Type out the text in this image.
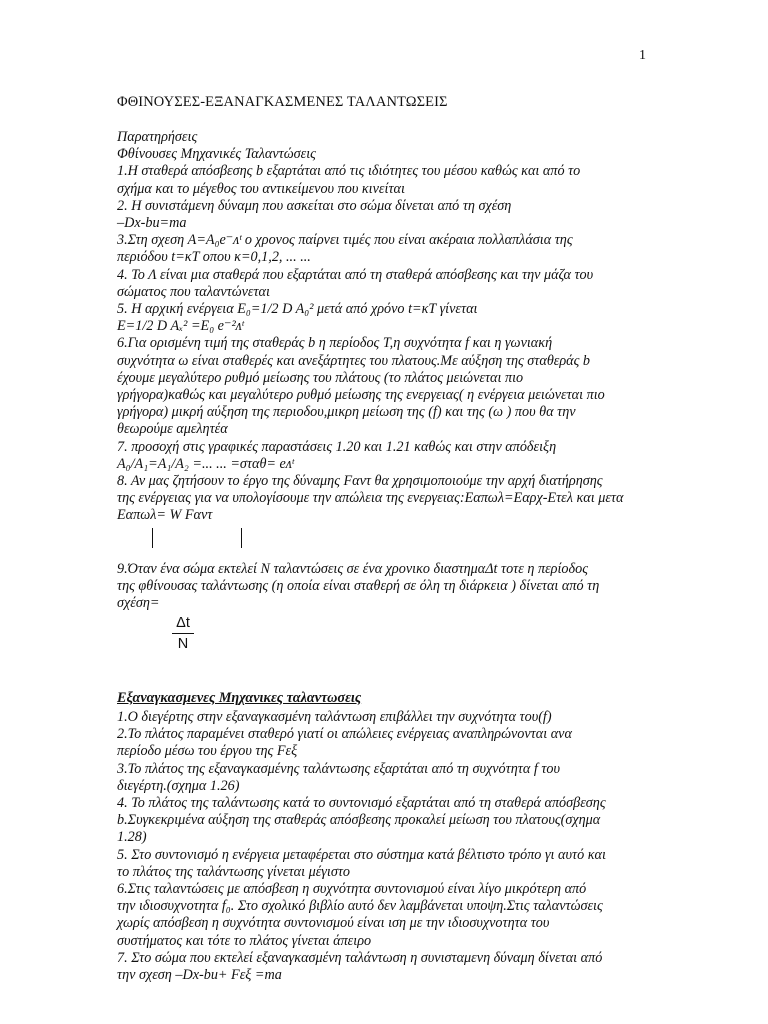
1
ΦΘΙΝΟΥΣΕΣ-ΕΞΑΝΑΓΚΑΣΜΕΝΕΣ ΤΑΛΑΝΤΩΣΕΙΣ

Παρατηρήσεις

Φθίνουσες Μηχανικές Ταλαντώσεις

1.Η σταθερά απόσβεσης b εξαρτάται από τις ιδιότητες του μέσου καθώς και από το

σχήμα και το μέγεθος του αντικείμενου που κινείται

2. Η συνιστάμενη δύναμη που ασκείται στο σώμα δίνεται από τη σχέση

–Dx-bu=ma

3.Στη σχεση A=A₀e⁻ᴧᵗ ο χρονος παίρνει τιμές που είναι ακέραια πολλαπλάσια της

περιόδου t=κT οπου κ=0,1,2, ... ...

4. Το Λ είναι μια σταθερά που εξαρτάται από τη σταθερά απόσβεσης και την μάζα του

σώματος που ταλαντώνεται

5. Η αρχική ενέργεια E₀=1/2 D A₀² μετά από χρόνο t=κT γίνεται

E=1/2 D Aₓ² =E₀ e⁻²ᴧᵗ

6.Για ορισμένη τιμή της σταθεράς b η περίοδος T,η συχνότητα f και η γωνιακή

συχνότητα ω είναι σταθερές και ανεξάρτητες του πλατους.Με αύξηση της σταθεράς b

έχουμε μεγαλύτερο ρυθμό μείωσης του πλάτους (το πλάτος μειώνεται πιο

γρήγορα)καθώς και μεγαλύτερο ρυθμό μείωσης της ενεργειας( η ενέργεια μειώνεται πιο

γρήγορα) μικρή αύξηση της περιοδου,μικρη μείωση της (f) και της (ω ) που θα την

θεωρούμε αμελητέα

7. προσοχή στις γραφικές παραστάσεις 1.20 και 1.21 καθώς και στην απόδειξη

A₀/A₁=A₁/A₂ =... ... =σταθ= eᴧᵗ

8. Αν μας ζητήσουν το έργο της δύναμης Fαντ θα χρησιμοποιούμε την αρχή διατήρησης

της ενέργειας για να υπολογίσουμε την απώλεια της ενεργειας:Eαπωλ=Eαρχ-Eτελ και μετα

Eαπωλ= W Fαντ

9.Όταν ένα σώμα εκτελεί N ταλαντώσεις σε ένα χρονικο διαστημαΔt τοτε η περίοδος

της φθίνουσας ταλάντωσης (η οποία είναι σταθερή σε όλη τη διάρκεια ) δίνεται από τη

σχέση=

Δt
N
Εξαναγκασμενες Μηχανικες ταλαντωσεις

1.Ο διεγέρτης στην εξαναγκασμένη ταλάντωση επιβάλλει την συχνότητα του(f)

2.Το πλάτος παραμένει σταθερό γιατί οι απώλειες ενέργειας αναπληρώνονται ανα

περίοδο μέσω του έργου της Fεξ

3.Το πλάτος της εξαναγκασμένης ταλάντωσης εξαρτάται από τη συχνότητα f του

διεγέρτη.(σχημα 1.26)

4. Το πλάτος της ταλάντωσης κατά το συντονισμό εξαρτάται από τη σταθερά απόσβεσης

b.Συγκεκριμένα αύξηση της σταθεράς απόσβεσης προκαλεί μείωση του πλατους(σχημα

1.28)

5. Στο συντονισμό η ενέργεια μεταφέρεται στο σύστημα κατά βέλτιστο τρόπο γι αυτό και

το πλάτος της ταλάντωσης γίνεται μέγιστο

6.Στις ταλαντώσεις με απόσβεση η συχνότητα συντονισμού είναι λίγο μικρότερη από

την ιδιοσυχνοτητα f₀. Στο σχολικό βιβλίο αυτό δεν λαμβάνεται υπoψη.Στις ταλαντώσεις

χωρίς απόσβεση η συχνότητα συντονισμού είναι ιση με την ιδιοσυχνοτητα του

συστήματος και τότε το πλάτος γίνεται άπειρο

7. Στο σώμα που εκτελεί εξαναγκασμένη ταλάντωση η συνισταμενη δύναμη δίνεται από

την σχεση –Dx-bu+ Fεξ =ma
